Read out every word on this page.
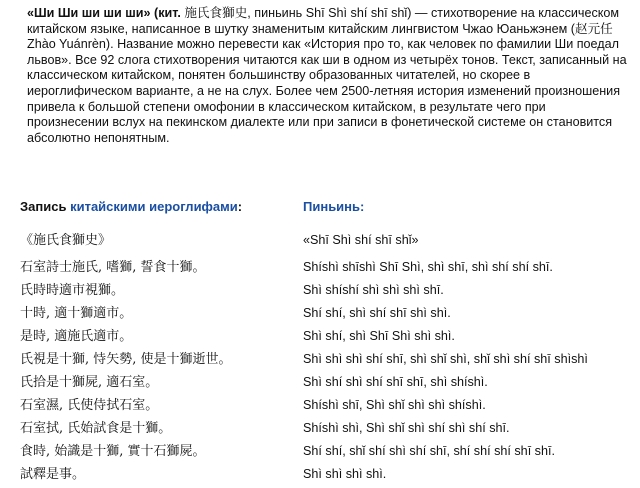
«Ши Ши ши ши ши» (кит. 施氏食獅史, пиньинь Shī Shì shí shī shǐ) — стихотворение на классическом китайском языке, написанное в шутку знаменитым китайским лингвистом Чжао Юаньжэнем (赵元任 Zhào Yuánrèn). Название можно перевести как «История про то, как человек по фамилии Ши поедал львов». Все 92 слога стихотворения читаются как ши в одном из четырёх тонов. Текст, записанный на классическом китайском, понятен большинству образованных читателей, но скорее в иероглифическом варианте, а не на слух. Более чем 2500-летняя история изменений произношения привела к большой степени омофонии в классическом китайском, в результате чего при произнесении вслух на пекинском диалекте или при записи в фонетической системе он становится абсолютно непонятным.
Запись китайскими иероглифами:	Пиньинь:
《施氏食獅史》
石室詩士施氏, 嗜獅, 誓食十獅。
氏時時適市視獅。
十時, 適十獅適市。
是時, 適施氏適市。
氏視是十獅, 恃矢勢, 使是十獅逝世。
氏拾是十獅屍, 適石室。
石室濕, 氏使侍拭石室。
石室拭, 氏始試食是十獅。
食時, 始識是十獅, 實十石獅屍。
試釋是事。
«Shī Shì shí shī shǐ»
Shíshì shīshì Shī Shì, shì shī, shì shí shí shī.
Shì shíshí shì shì shì shī.
Shí shí, shì shí shī shì shì.
Shì shí, shì Shī Shì shì shì.
Shì shì shì shí shī, shì shǐ shì, shǐ shì shí shī shìshì
Shì shí shì shí shī shī, shì shíshì.
Shíshì shī, Shì shǐ shì shì shíshì.
Shíshì shì, Shì shǐ shì shí shì shí shī.
Shí shí, shǐ shí shì shí shī, shí shí shí shī shī.
Shì shì shì shì.
